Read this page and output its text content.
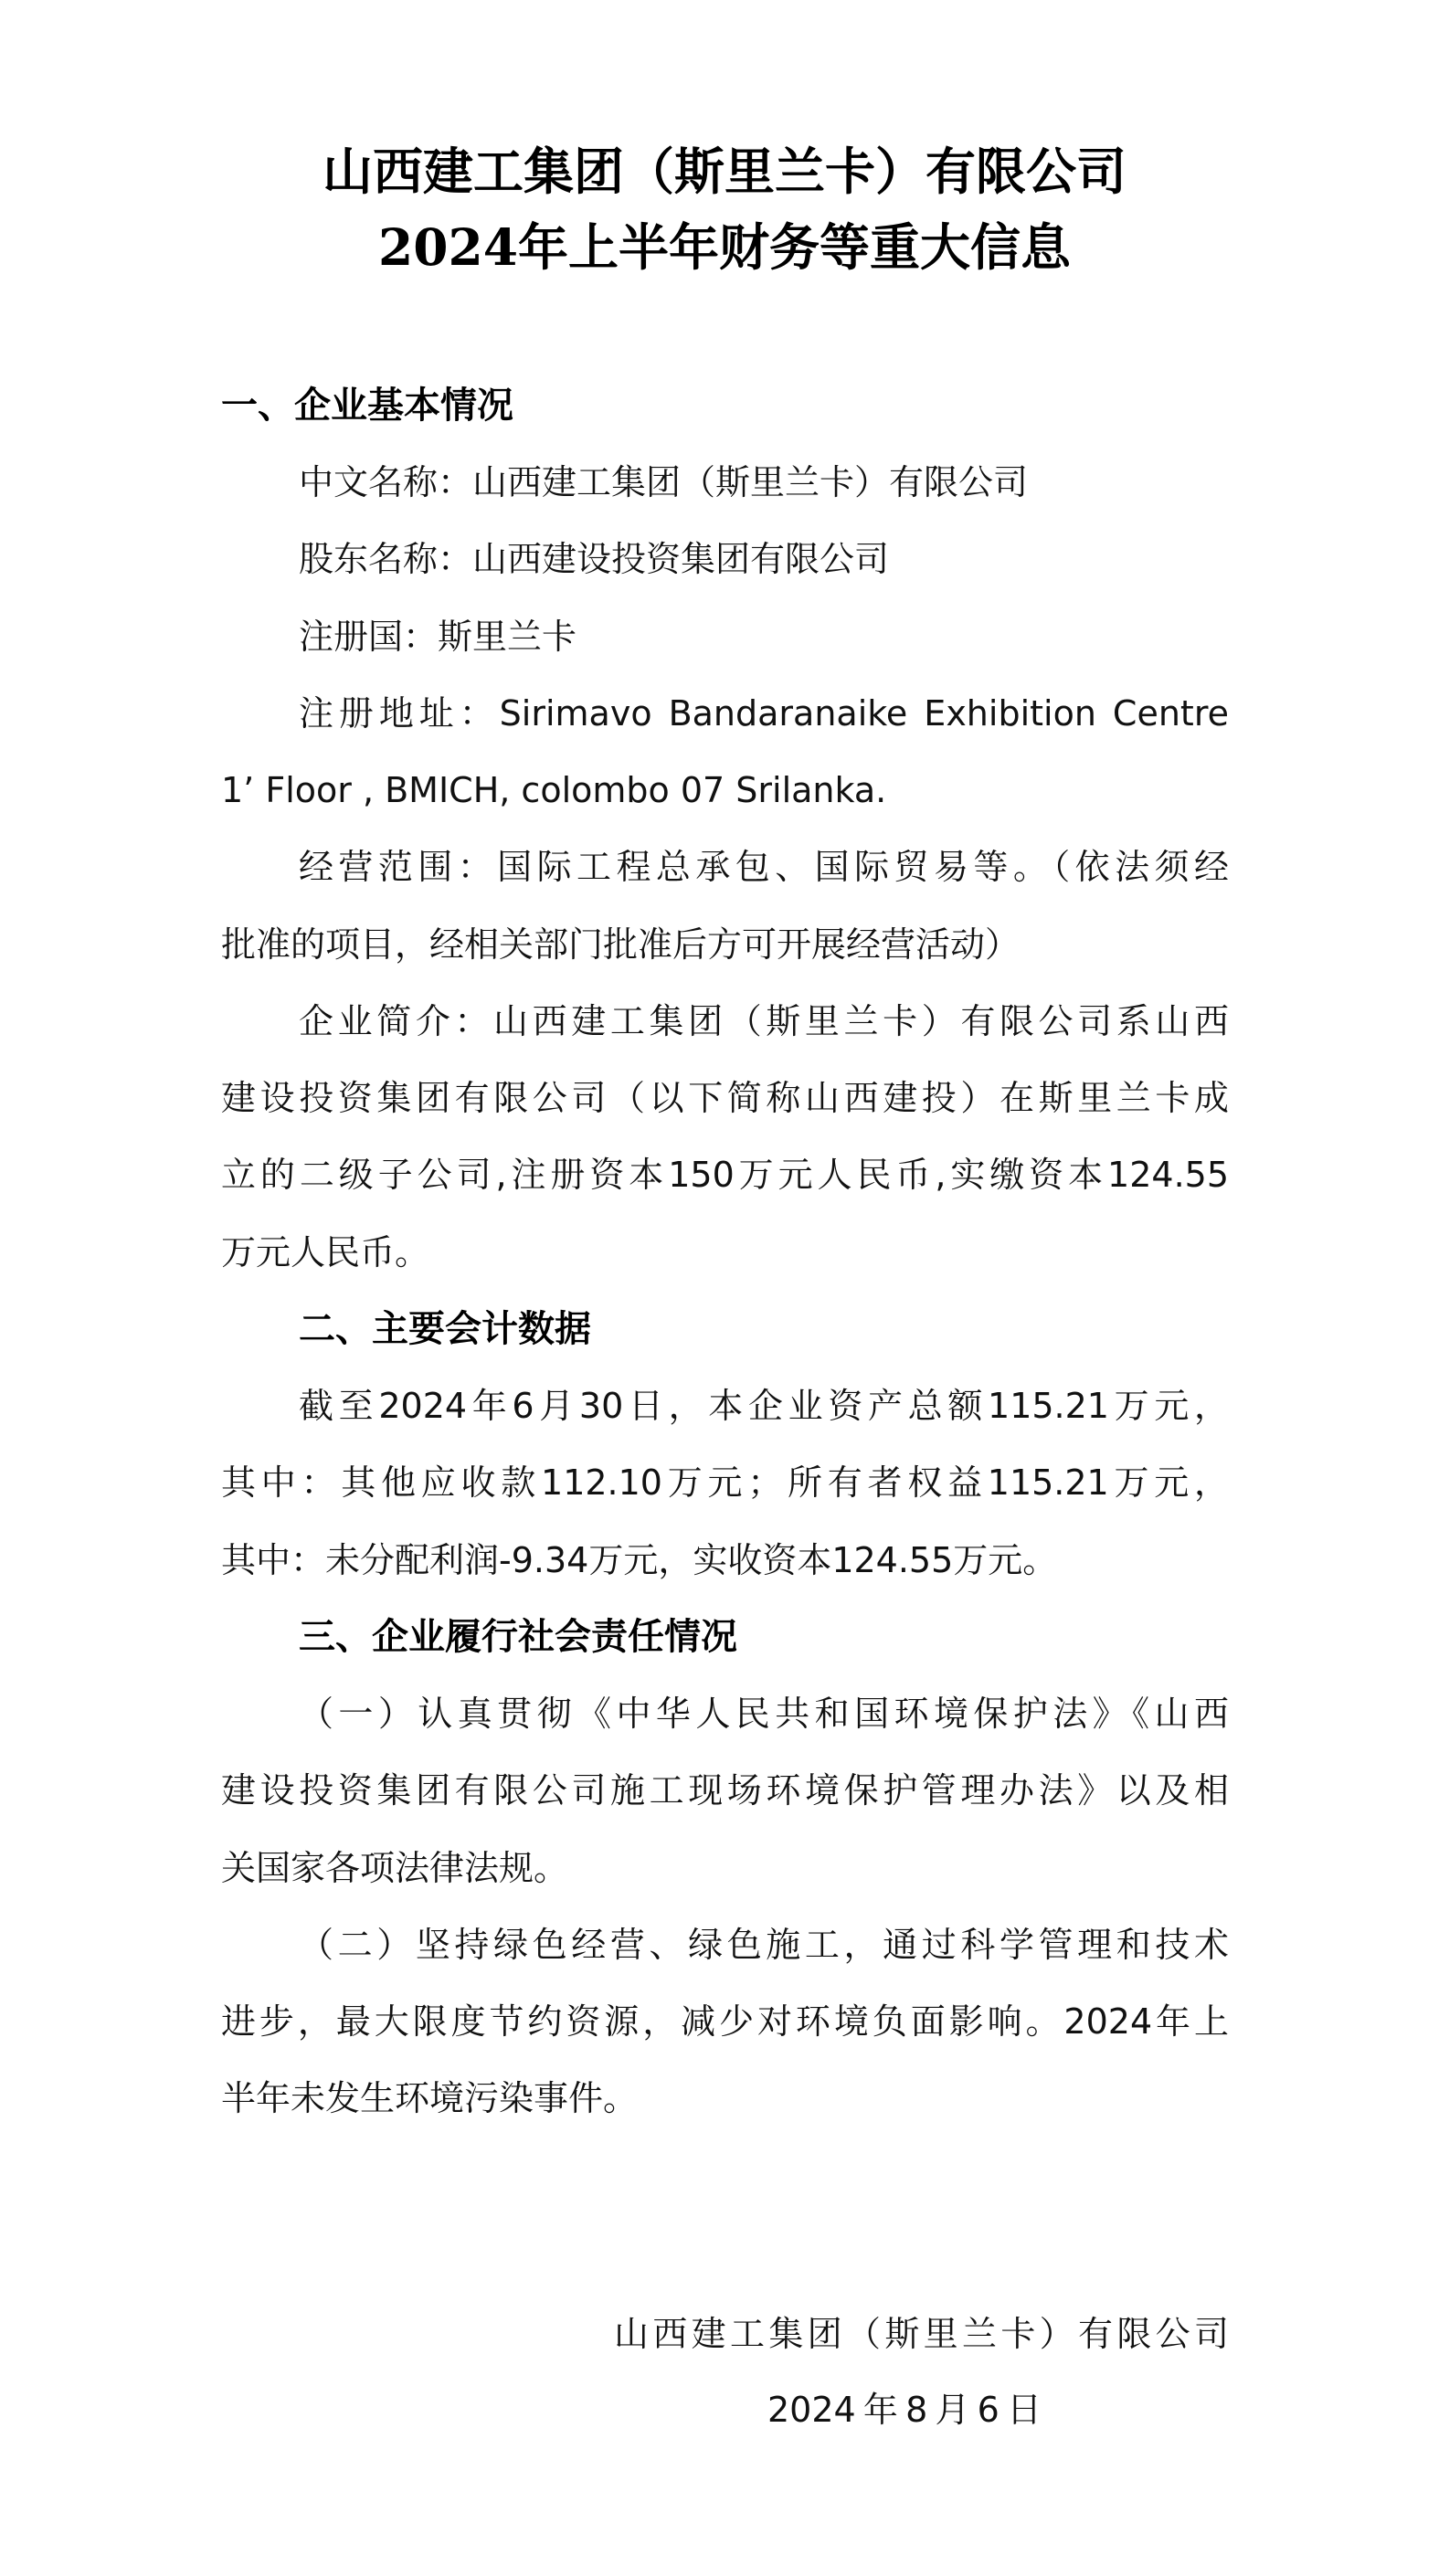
山西建工集团（斯里兰卡）有限公司
2024年上半年财务等重大信息
一、企业基本情况
中文名称：山西建工集团（斯里兰卡）有限公司
股东名称：山西建设投资集团有限公司
注册国：斯里兰卡
注册地址：Sirimavo Bandaranaike Exhibition Centre
1’ Floor , BMICH, colombo 07 Srilanka.
经营范围：国际工程总承包、国际贸易等。（依法须经
批准的项目，经相关部门批准后方可开展经营活动）
企业简介：山西建工集团（斯里兰卡）有限公司系山西
建设投资集团有限公司（以下简称山西建投）在斯里兰卡成
立的二级子公司,注册资本150万元人民币,实缴资本124.55
万元人民币。
二、主要会计数据
截至2024年6月30日，本企业资产总额115.21万元，
其中：其他应收款112.10万元；所有者权益115.21万元，
其中：未分配利润-9.34万元，实收资本124.55万元。
三、企业履行社会责任情况
（一）认真贯彻《中华人民共和国环境保护法》《山西
建设投资集团有限公司施工现场环境保护管理办法》以及相
关国家各项法律法规。
（二）坚持绿色经营、绿色施工，通过科学管理和技术
进步，最大限度节约资源，减少对环境负面影响。2024年上
半年未发生环境污染事件。
山西建工集团（斯里兰卡）有限公司
2024年8月6日
